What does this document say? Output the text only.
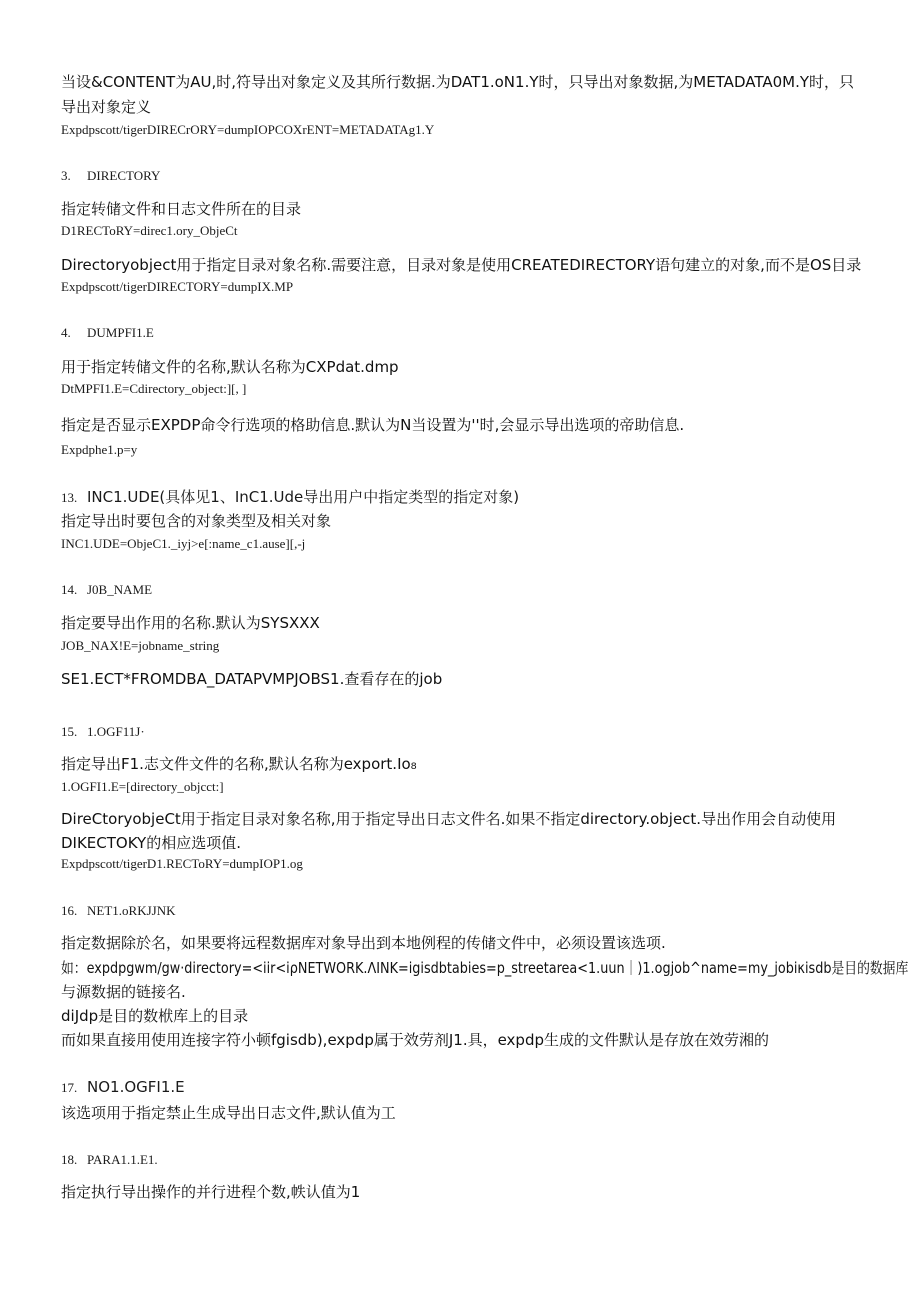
当设&CONTENT为AU,时,符导出对象定义及其所行数据.为DAT1.oN1.Y时，只导出对象数据,为METADATA0M.Y时，只
导出对象定义
Expdpscott/tigerDIRECrORY=dumpIOPCOXrENT=METADATAg1.Y
3. DIRECTORY
指定转储文件和日志文件所在的目录
D1RECToRY=direc1.ory_ObjeCt
Directoryobject用于指定目录对象名称.需要注意，目录对象是使用CREATEDIRECTORY语句建立的对象,而不是OS目录
Expdpscott/tigerDIRECTORY=dumpIX.MP
4. DUMPFI1.E
用于指定转储文件的名称,默认名称为CXPdat.dmp
DtMPFI1.E=Cdirectory_object:][, ]
指定是否显示EXPDP命令行选项的格助信息.默认为N当设置为''时,会显示导出选项的帝助信息.
Expdphe1.p=y
13. INC1.UDE(具体见1、InC1.Ude导出用户中指定类型的指定对象)
指定导出时要包含的对象类型及相关对象
INC1.UDE=ObjeC1._iyj>e[:name_c1.ause][,-j
14. J0B_NAME
指定要导出作用的名称.默认为SYSXXX
JOB_NAX!E=jobname_string
SE1.ECT*FROMDBA_DATAPVMPJOBS1.查看存在的job
15. 1.OGF11J·
指定导出F1.志文件文件的名称,默认名称为export.Io₈
1.OGFI1.E=[directory_objcct:]
DireCtoryobjeCt用于指定目录对象名称,用于指定导出日志文件名.如果不指定directory.object.导出作用会自动使用
DIKECTOKY的相应选项值.
Expdpscott/tigerD1.RECToRY=dumpIOP1.og
16. NET1.oRKJJNK
指定数据除於名，如果要将远程数据库对象导出到本地例程的传储文件中，必须设置该选项.
如：expdpgwm/gw·directory=<iir<iρNETWORK.ΛINK=igisdbtabies=p_streetarea<1.uun｜)1.ogjob^name=my_jobiκisdb是目的数据库
与源数据的链接名.
diJdp是目的数栿库上的目录
而如果直接用使用连接字符小顿fgisdb),expdp属于效劳剂J1.具，expdp生成的文件默认是存放在效劳湘的
17. NO1.OGFI1.E
该选项用于指定禁止生成导出日志文件,默认值为工
18. PARA1.1.E1.
指定执行导出操作的并行进程个数,帙认值为1
